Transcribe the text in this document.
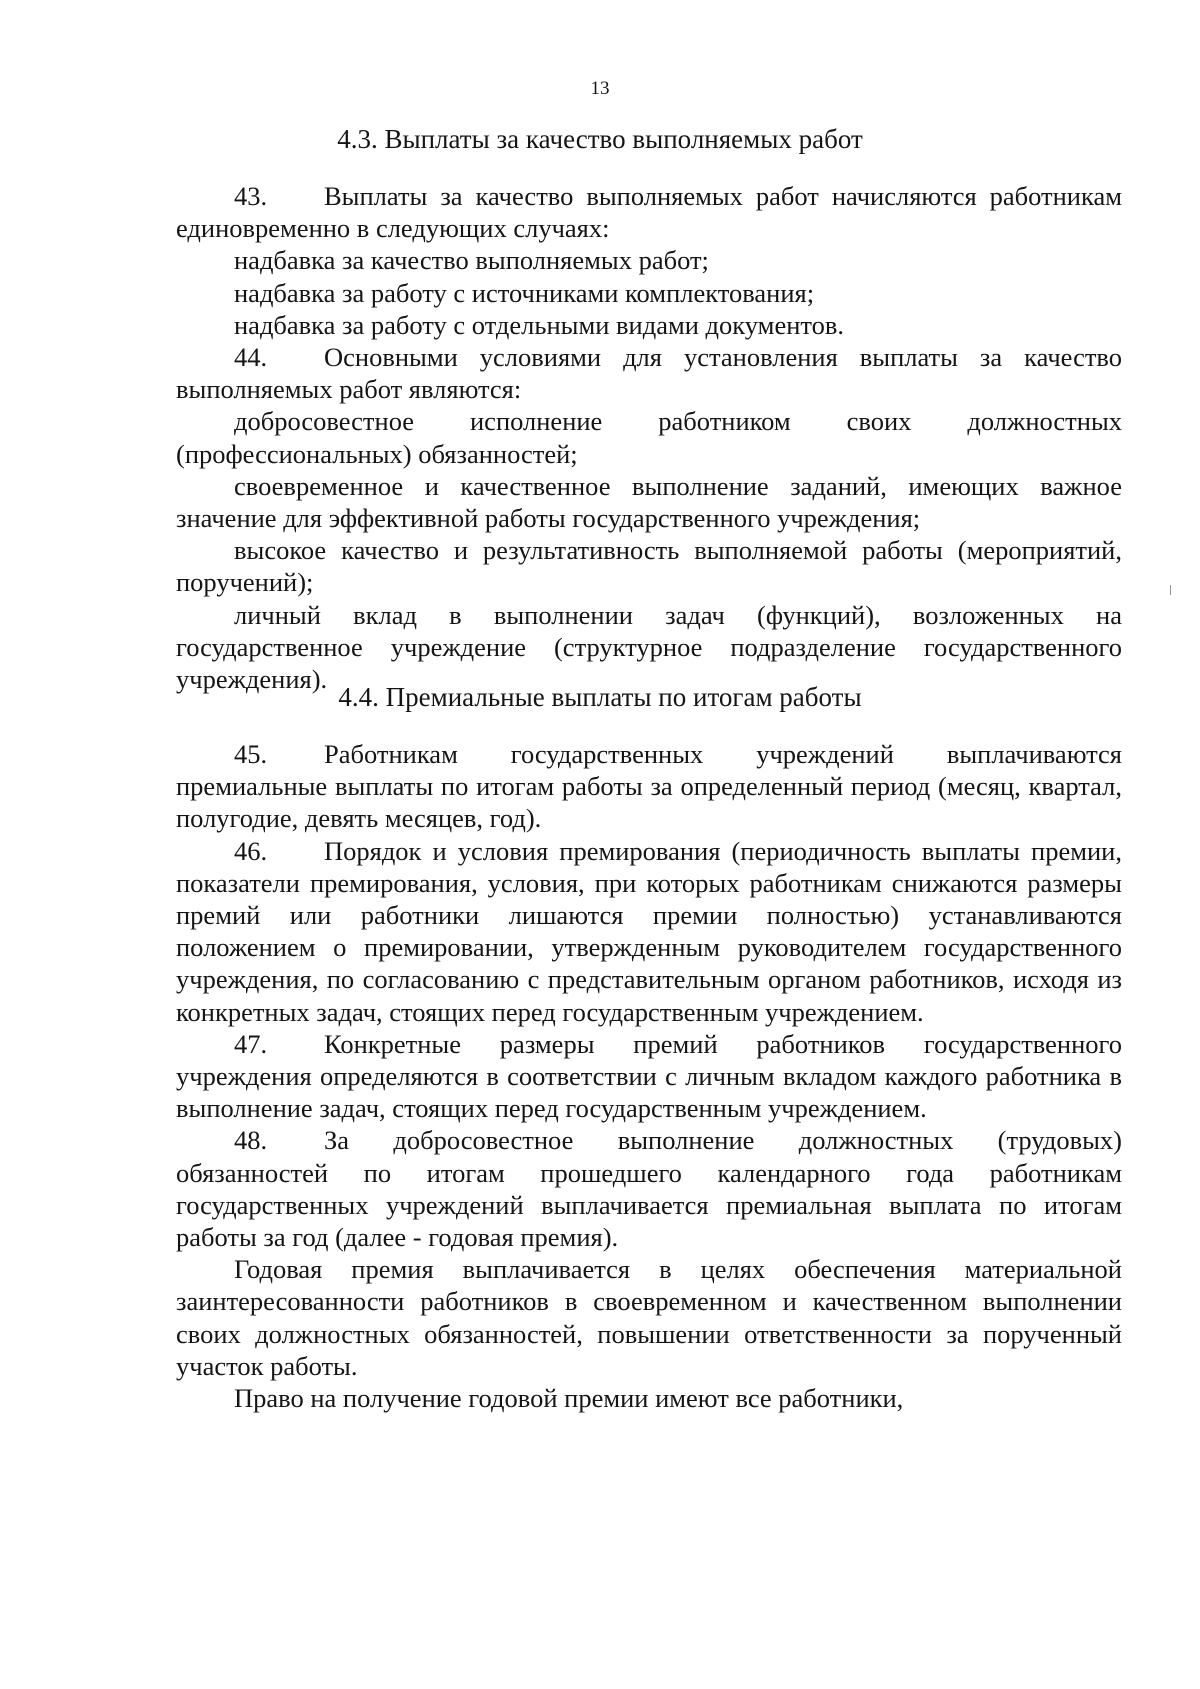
13
4.3. Выплаты за качество выполняемых работ

43. Выплаты за качество выполняемых работ начисляются работникам единовременно в следующих случаях:

надбавка за качество выполняемых работ;

надбавка за работу с источниками комплектования;

надбавка за работу с отдельными видами документов.

44. Основными условиями для установления выплаты за качество выполняемых работ являются:

добросовестное исполнение работником своих должностных (профессиональных) обязанностей;

своевременное и качественное выполнение заданий, имеющих важное значение для эффективной работы государственного учреждения;

высокое качество и результативность выполняемой работы (мероприятий, поручений);

личный вклад в выполнении задач (функций), возложенных на государственное учреждение (структурное подразделение государственного учреждения).

4.4. Премиальные выплаты по итогам работы

45. Работникам государственных учреждений выплачиваются премиальные выплаты по итогам работы за определенный период (месяц, квартал, полугодие, девять месяцев, год).

46. Порядок и условия премирования (периодичность выплаты премии, показатели премирования, условия, при которых работникам снижаются размеры премий или работники лишаются премии полностью) устанавливаются положением о премировании, утвержденным руководителем государственного учреждения, по согласованию с представительным органом работников, исходя из конкретных задач, стоящих перед государственным учреждением.

47. Конкретные размеры премий работников государственного учреждения определяются в соответствии с личным вкладом каждого работника в выполнение задач, стоящих перед государственным учреждением.

48. За добросовестное выполнение должностных (трудовых) обязанностей по итогам прошедшего календарного года работникам государственных учреждений выплачивается премиальная выплата по итогам работы за год (далее - годовая премия).

Годовая премия выплачивается в целях обеспечения материальной заинтересованности работников в своевременном и качественном выполнении своих должностных обязанностей, повышении ответственности за порученный участок работы.

Право на получение годовой премии имеют все работники,
